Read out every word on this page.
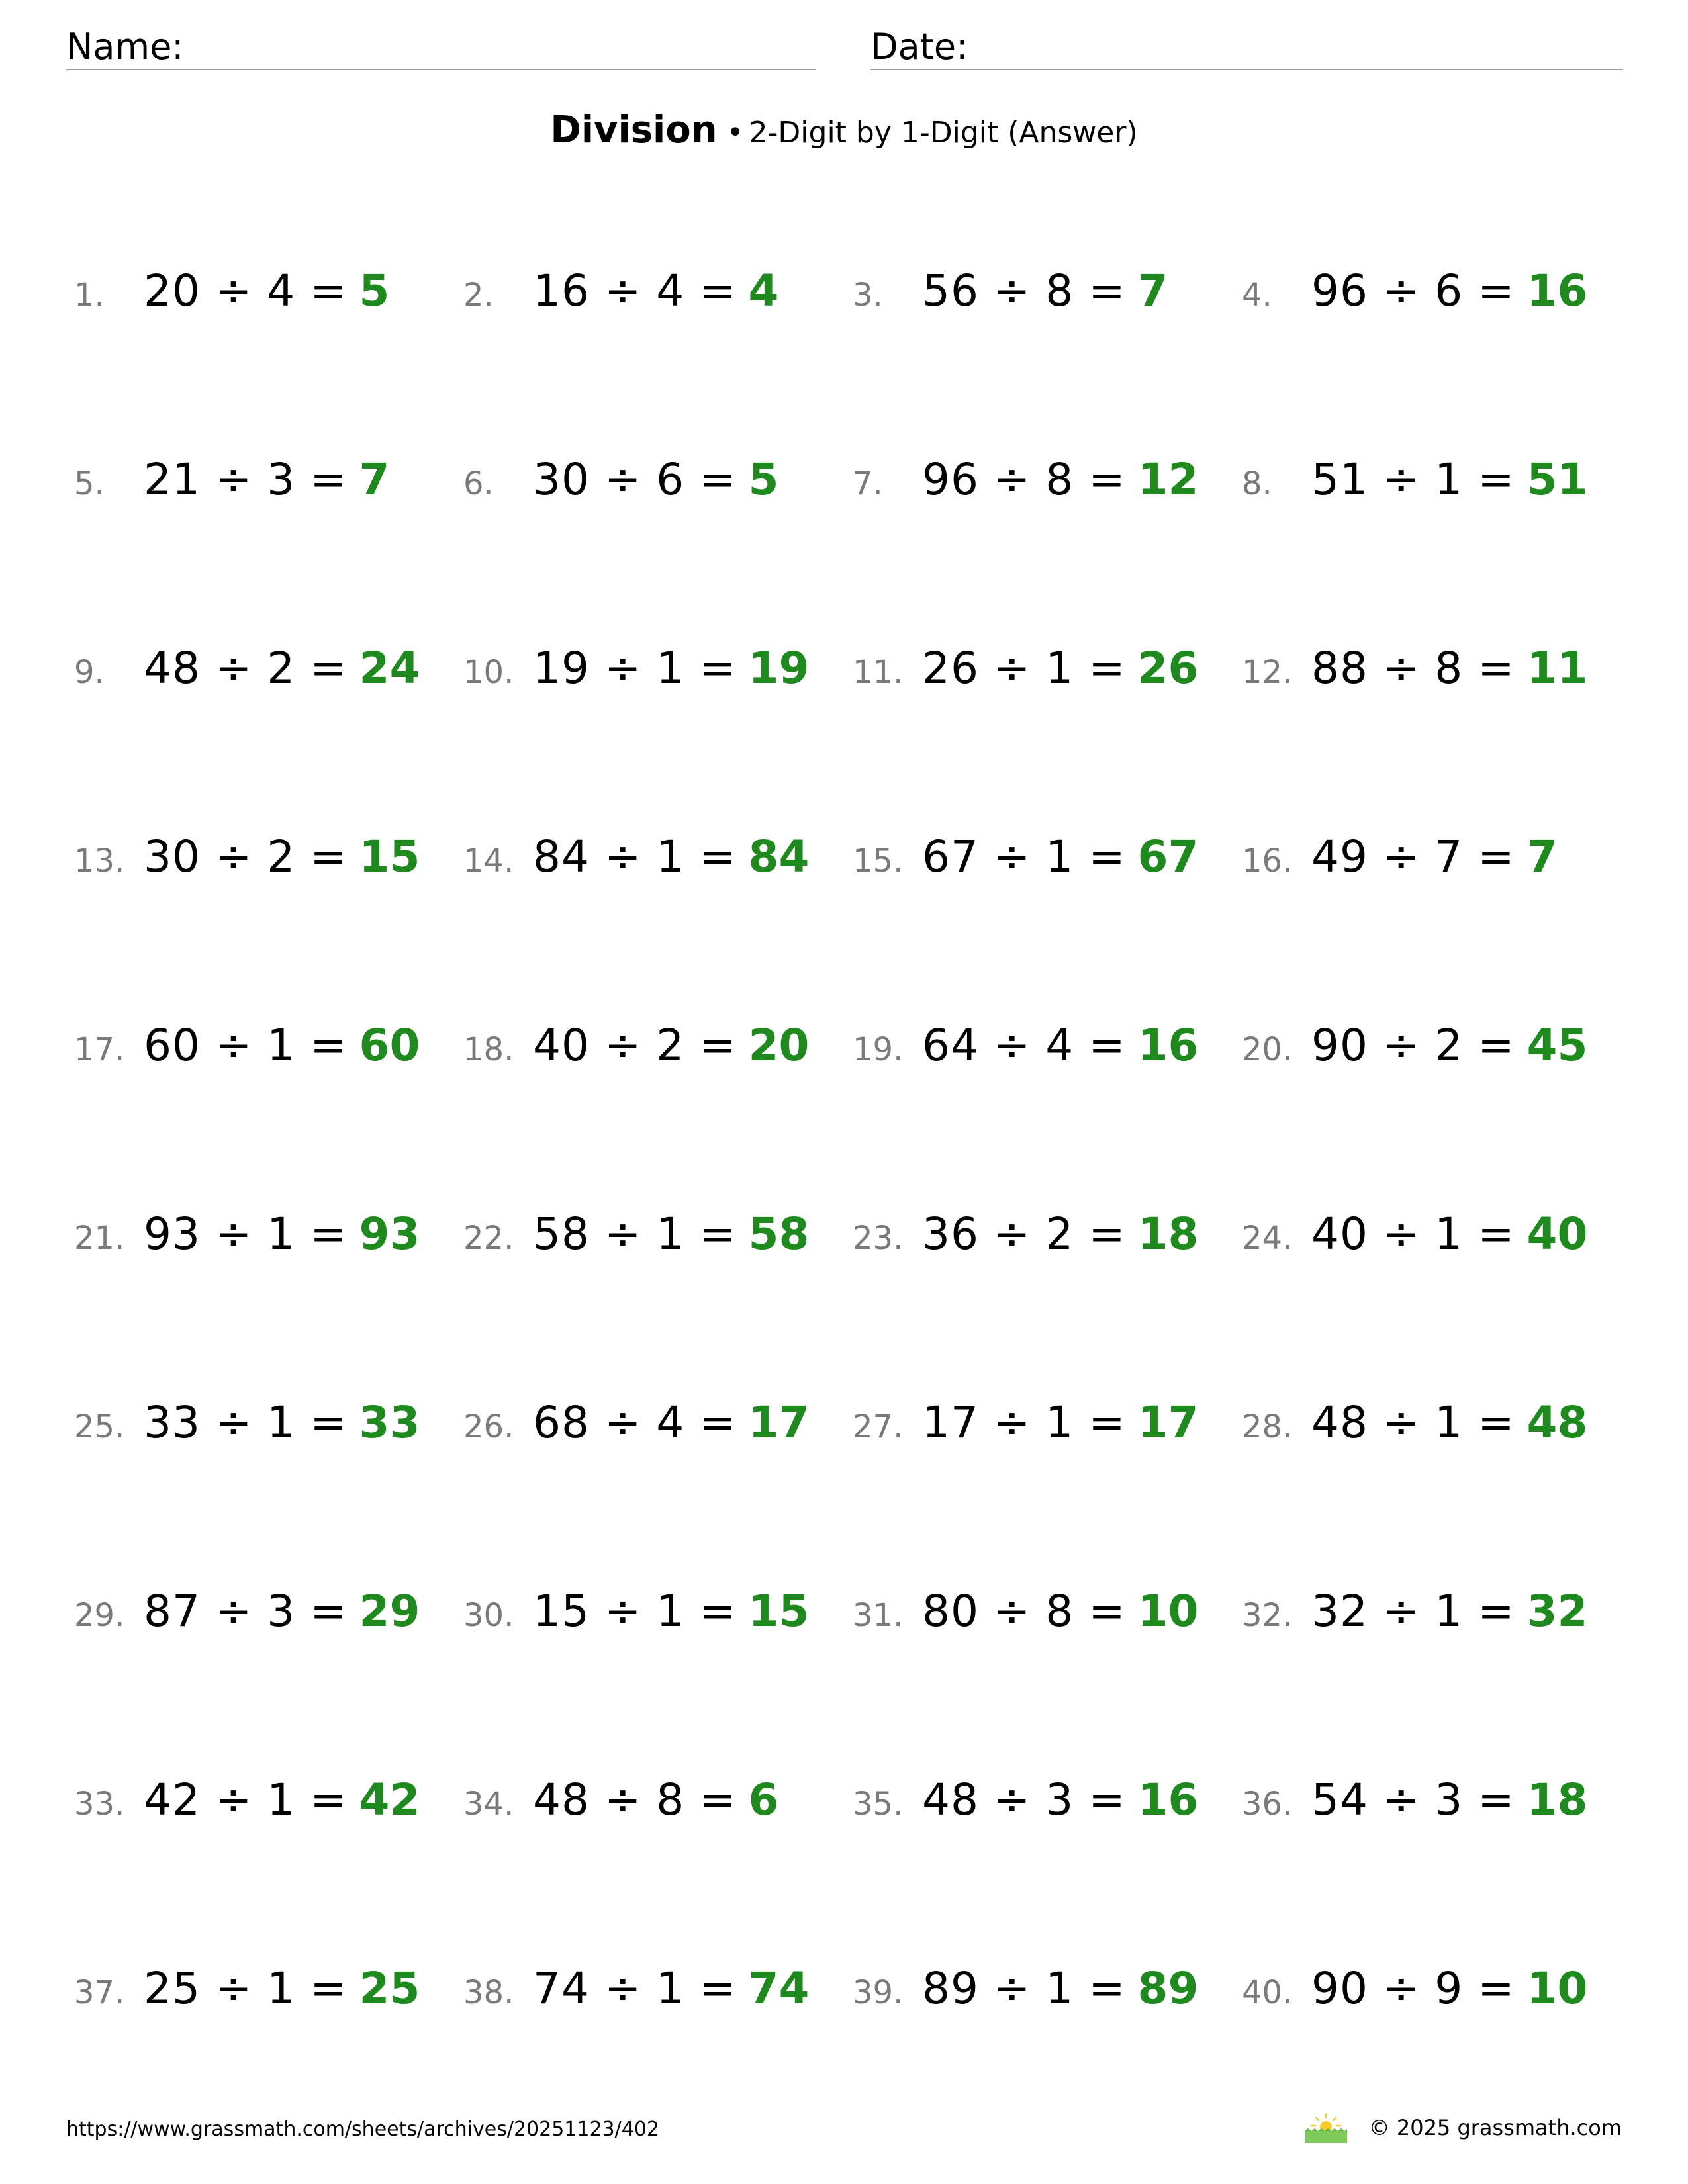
Name:	Date:
Division • 2-Digit by 1-Digit (Answer)
1. 20 ÷ 4 = 5 2. 16 ÷ 4 = 4 3. 56 ÷ 8 = 7 4. 96 ÷ 6 = 16
5. 21 ÷ 3 = 7 6. 30 ÷ 6 = 5 7. 96 ÷ 8 = 12 8. 51 ÷ 1 = 51
9. 48 ÷ 2 = 24 10. 19 ÷ 1 = 19 11. 26 ÷ 1 = 26 12. 88 ÷ 8 = 11
13. 30 ÷ 2 = 15 14. 84 ÷ 1 = 84 15. 67 ÷ 1 = 67 16. 49 ÷ 7 = 7
17. 60 ÷ 1 = 60 18. 40 ÷ 2 = 20 19. 64 ÷ 4 = 16 20. 90 ÷ 2 = 45
21. 93 ÷ 1 = 93 22. 58 ÷ 1 = 58 23. 36 ÷ 2 = 18 24. 40 ÷ 1 = 40
25. 33 ÷ 1 = 33 26. 68 ÷ 4 = 17 27. 17 ÷ 1 = 17 28. 48 ÷ 1 = 48
29. 87 ÷ 3 = 29 30. 15 ÷ 1 = 15 31. 80 ÷ 8 = 10 32. 32 ÷ 1 = 32
33. 42 ÷ 1 = 42 34. 48 ÷ 8 = 6 35. 48 ÷ 3 = 16 36. 54 ÷ 3 = 18
37. 25 ÷ 1 = 25 38. 74 ÷ 1 = 74 39. 89 ÷ 1 = 89 40. 90 ÷ 9 = 10
https://www.grassmath.com/sheets/archives/20251123/402	© 2025 grassmath.com
